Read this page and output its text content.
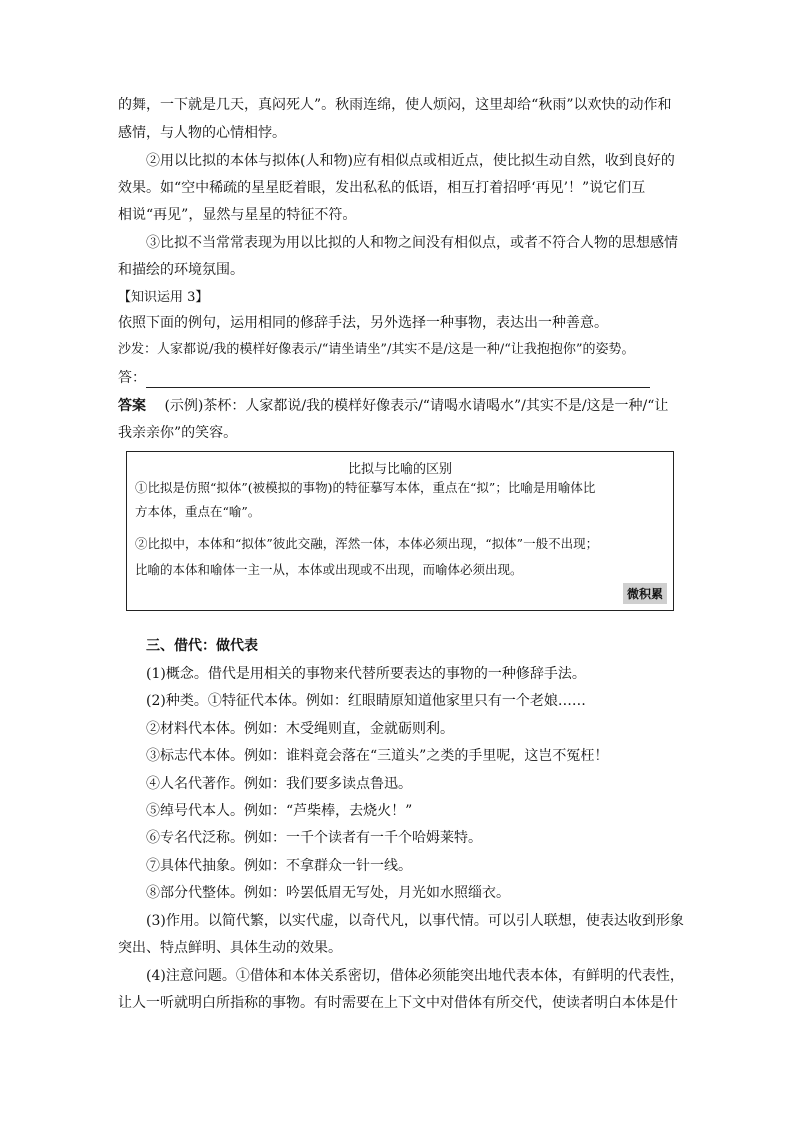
的舞，一下就是几天，真闷死人”。秋雨连绵，使人烦闷，这里却给“秋雨”以欢快的动作和
感情，与人物的心情相悖。
②用以比拟的本体与拟体(人和物)应有相似点或相近点，使比拟生动自然，收到良好的
效果。如“空中稀疏的星星眨着眼，发出私私的低语，相互打着招呼‘再见’！”说它们互
相说“再见”，显然与星星的特征不符。
③比拟不当常常表现为用以比拟的人和物之间没有相似点，或者不符合人物的思想感情
和描绘的环境氛围。
【知识运用 3】
依照下面的例句，运用相同的修辞手法，另外选择一种事物，表达出一种善意。
沙发：人家都说/我的模样好像表示/“请坐请坐”/其实不是/这是一种/“让我抱抱你”的姿势。
答：
答案 (示例)茶杯：人家都说/我的模样好像表示/“请喝水请喝水”/其实不是/这是一种/“让
我亲亲你”的笑容。
比拟与比喻的区别
①比拟是仿照“拟体”(被模拟的事物)的特征摹写本体，重点在“拟”；比喻是用喻体比
方本体，重点在“喻”。
②比拟中，本体和“拟体”彼此交融，浑然一体，本体必须出现，“拟体”一般不出现；
比喻的本体和喻体一主一从，本体或出现或不出现，而喻体必须出现。
微积累
三、借代：做代表
(1)概念。借代是用相关的事物来代替所要表达的事物的一种修辞手法。
(2)种类。①特征代本体。例如：红眼睛原知道他家里只有一个老娘……
②材料代本体。例如：木受绳则直，金就砺则利。
③标志代本体。例如：谁料竟会落在“三道头”之类的手里呢，这岂不冤枉！
④人名代著作。例如：我们要多读点鲁迅。
⑤绰号代本人。例如：“芦柴棒，去烧火！”
⑥专名代泛称。例如：一千个读者有一千个哈姆莱特。
⑦具体代抽象。例如：不拿群众一针一线。
⑧部分代整体。例如：吟罢低眉无写处，月光如水照缁衣。
(3)作用。以简代繁，以实代虚，以奇代凡，以事代情。可以引人联想，使表达收到形象
突出、特点鲜明、具体生动的效果。
(4)注意问题。①借体和本体关系密切，借体必须能突出地代表本体，有鲜明的代表性，
让人一听就明白所指称的事物。有时需要在上下文中对借体有所交代，使读者明白本体是什
